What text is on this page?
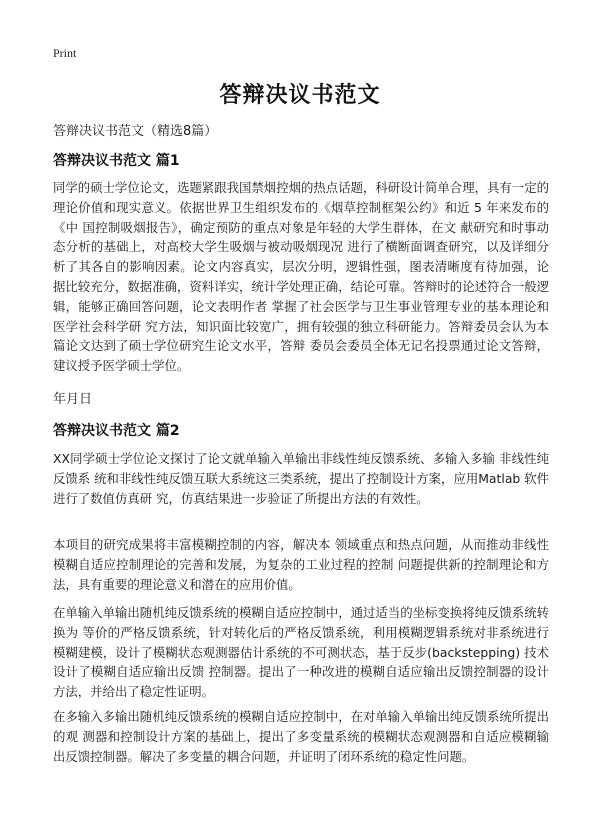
Print
答辩决议书范文
答辩决议书范文（精选8篇）
答辩决议书范文 篇1
同学的硕士学位论文，选题紧跟我国禁烟控烟的热点话题，科研设计简单合理，具有一定的理论价值和现实意义。依据世界卫生组织发布的《烟草控制框架公约》和近 5 年来发布的《中 国控制吸烟报告》，确定预防的重点对象是年轻的大学生群体，在文 献研究和时事动态分析的基础上，对高校大学生吸烟与被动吸烟现况 进行了横断面调查研究，以及详细分析了其各自的影响因素。论文内容真实，层次分明，逻辑性强，图表清晰度有待加强，论 据比较充分，数据准确，资料详实，统计学处理正确，结论可靠。答辩时的论述符合一般逻辑，能够正确回答问题，论文表明作者 掌握了社会医学与卫生事业管理专业的基本理论和医学社会科学研 究方法，知识面比较宽广，拥有较强的独立科研能力。答辩委员会认为本篇论文达到了硕士学位研究生论文水平，答辩 委员会委员全体无记名投票通过论文答辩，建议授予医学硕士学位。
年月日
答辩决议书范文 篇2
XX同学硕士学位论文探讨了论文就单输入单输出非线性纯反馈系统、多输入多输 非线性纯反馈系 统和非线性纯反馈互联大系统这三类系统，提出了控制设计方案，应用Matlab 软件进行了数值仿真研 究，仿真结果进一步验证了所提出方法的有效性。
本项目的研究成果将丰富模糊控制的内容，解决本 领域重点和热点问题，从而推动非线性模糊自适应控制理论的完善和发展，为复杂的工业过程的控制 问题提供新的控制理论和方法，具有重要的理论意义和潜在的应用价值。
在单输入单输出随机纯反馈系统的模糊自适应控制中，通过适当的坐标变换将纯反馈系统转换为 等价的严格反馈系统，针对转化后的严格反馈系统，利用模糊逻辑系统对非系统进行模糊建模，设计了模糊状态观测器估计系统的不可测状态，基于反步(backstepping) 技术设计了模糊自适应输出反馈 控制器。提出了一种改进的模糊自适应输出反馈控制器的设计方法，并给出了稳定性证明。
在多输入多输出随机纯反馈系统的模糊自适应控制中，在对单输入单输出纯反馈系统所提出的观 测器和控制设计方案的基础上，提出了多变量系统的模糊状态观测器和自适应模糊输出反馈控制器。解决了多变量的耦合问题，并证明了闭环系统的稳定性问题。
